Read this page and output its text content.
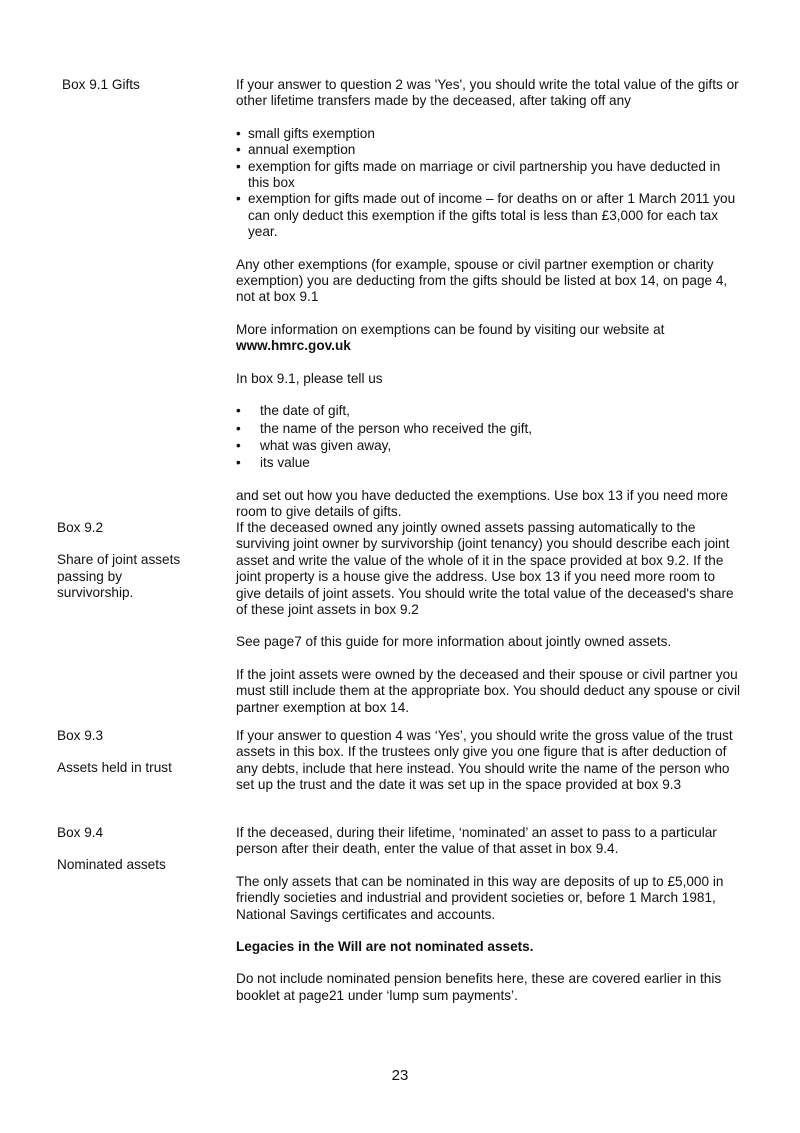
Box 9.1 Gifts	If your answer to question 2 was 'Yes', you should write the total value of the gifts or other lifetime transfers made by the deceased, after taking off any

• small gifts exemption
• annual exemption
• exemption for gifts made on marriage or civil partnership you have deducted in this box
• exemption for gifts made out of income – for deaths on or after 1 March 2011 you can only deduct this exemption if the gifts total is less than £3,000 for each tax year.

Any other exemptions (for example, spouse or civil partner exemption or charity exemption) you are deducting from the gifts should be listed at box 14, on page 4, not at box 9.1

More information on exemptions can be found by visiting our website at
www.hmrc.gov.uk

In box 9.1, please tell us

• the date of gift,
• the name of the person who received the gift,
• what was given away,
• its value

and set out how you have deducted the exemptions. Use box 13 if you need more room to give details of gifts.

Box 9.2

Share of joint assets passing by survivorship.

If the deceased owned any jointly owned assets passing automatically to the surviving joint owner by survivorship (joint tenancy) you should describe each joint asset and write the value of the whole of it in the space provided at box 9.2. If the joint property is a house give the address. Use box 13 if you need more room to give details of joint assets. You should write the total value of the deceased's share of these joint assets in box 9.2

See page7 of this guide for more information about jointly owned assets.

If the joint assets were owned by the deceased and their spouse or civil partner you must still include them at the appropriate box. You should deduct any spouse or civil partner exemption at box 14.

Box 9.3

Assets held in trust

If your answer to question 4 was ‘Yes’, you should write the gross value of the trust assets in this box. If the trustees only give you one figure that is after deduction of any debts, include that here instead. You should write the name of the person who set up the trust and the date it was set up in the space provided at box 9.3

Box 9.4

Nominated assets

If the deceased, during their lifetime, ‘nominated’ an asset to pass to a particular person after their death, enter the value of that asset in box 9.4.

The only assets that can be nominated in this way are deposits of up to £5,000 in friendly societies and industrial and provident societies or, before 1 March 1981, National Savings certificates and accounts.

Legacies in the Will are not nominated assets.

Do not include nominated pension benefits here, these are covered earlier in this booklet at page21 under ‘lump sum payments’.

23
